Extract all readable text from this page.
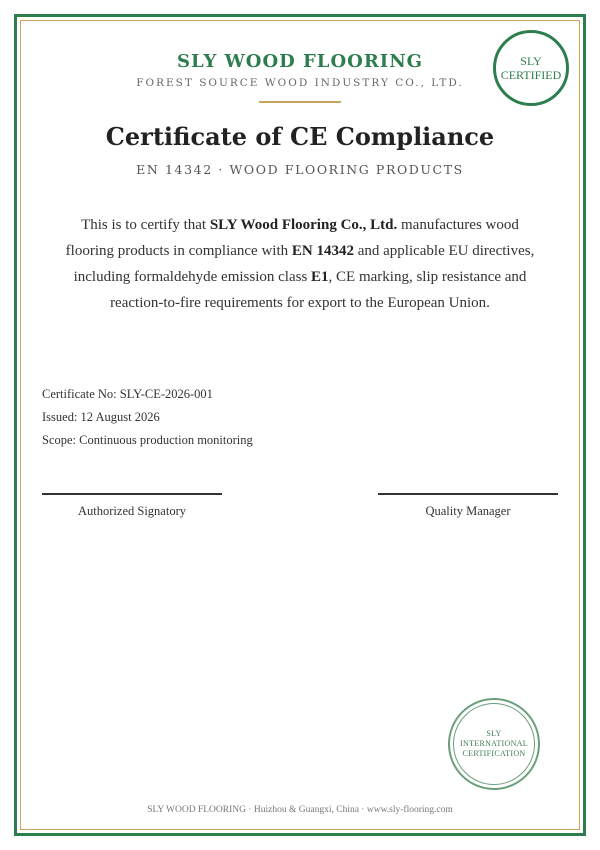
SLY WOOD FLOORING
FOREST SOURCE WOOD INDUSTRY CO., LTD.
SLY
CERTIFIED
Certificate of CE Compliance
EN 14342 · WOOD FLOORING PRODUCTS
This is to certify that SLY Wood Flooring Co., Ltd. manufactures wood flooring products in compliance with EN 14342 and applicable EU directives, including formaldehyde emission class E1, CE marking, slip resistance and reaction-to-fire requirements for export to the European Union.
Certificate No: SLY-CE-2026-001
Issued: 12 August 2026
Scope: Continuous production monitoring
Authorized Signatory	Quality Manager
SLY
INTERNATIONAL
CERTIFICATION
SLY WOOD FLOORING · Huizhou & Guangxi, China · www.sly-flooring.com
